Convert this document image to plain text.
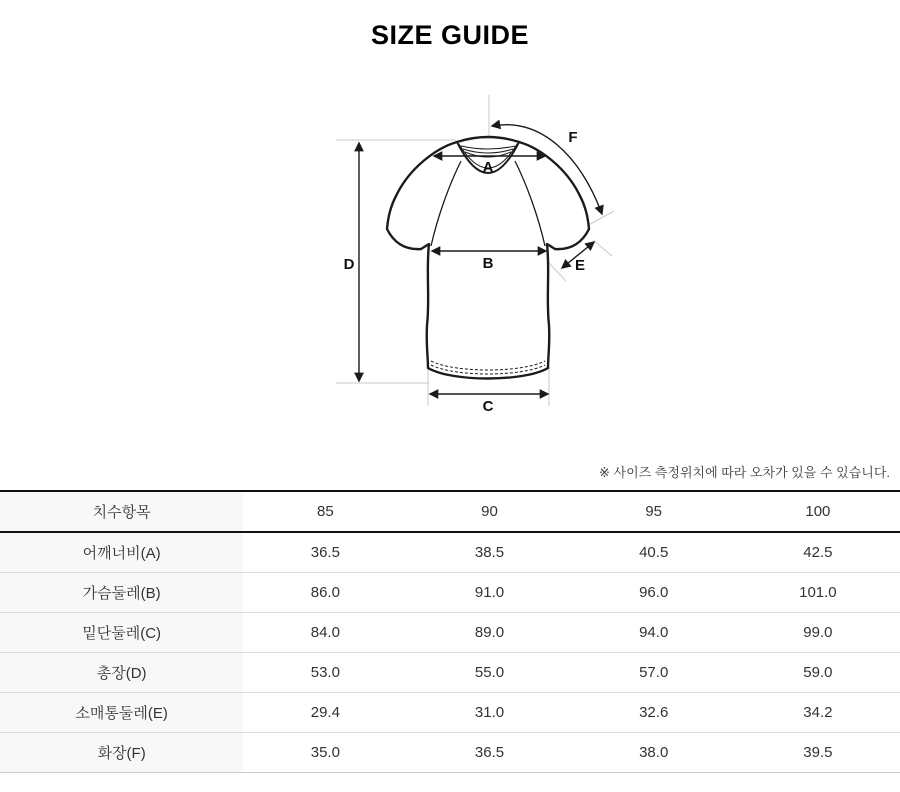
SIZE GUIDE
A
B
C
D	E
F
※ 사이즈 측정위치에 따라 오차가 있을 수 있습니다.
치수항목	85	90	95	100
어깨너비(A)	36.5	38.5	40.5	42.5
가슴둘레(B)	86.0	91.0	96.0	101.0
밑단둘레(C)	84.0	89.0	94.0	99.0
총장(D)	53.0	55.0	57.0	59.0
소매통둘레(E)	29.4	31.0	32.6	34.2
화장(F)	35.0	36.5	38.0	39.5
